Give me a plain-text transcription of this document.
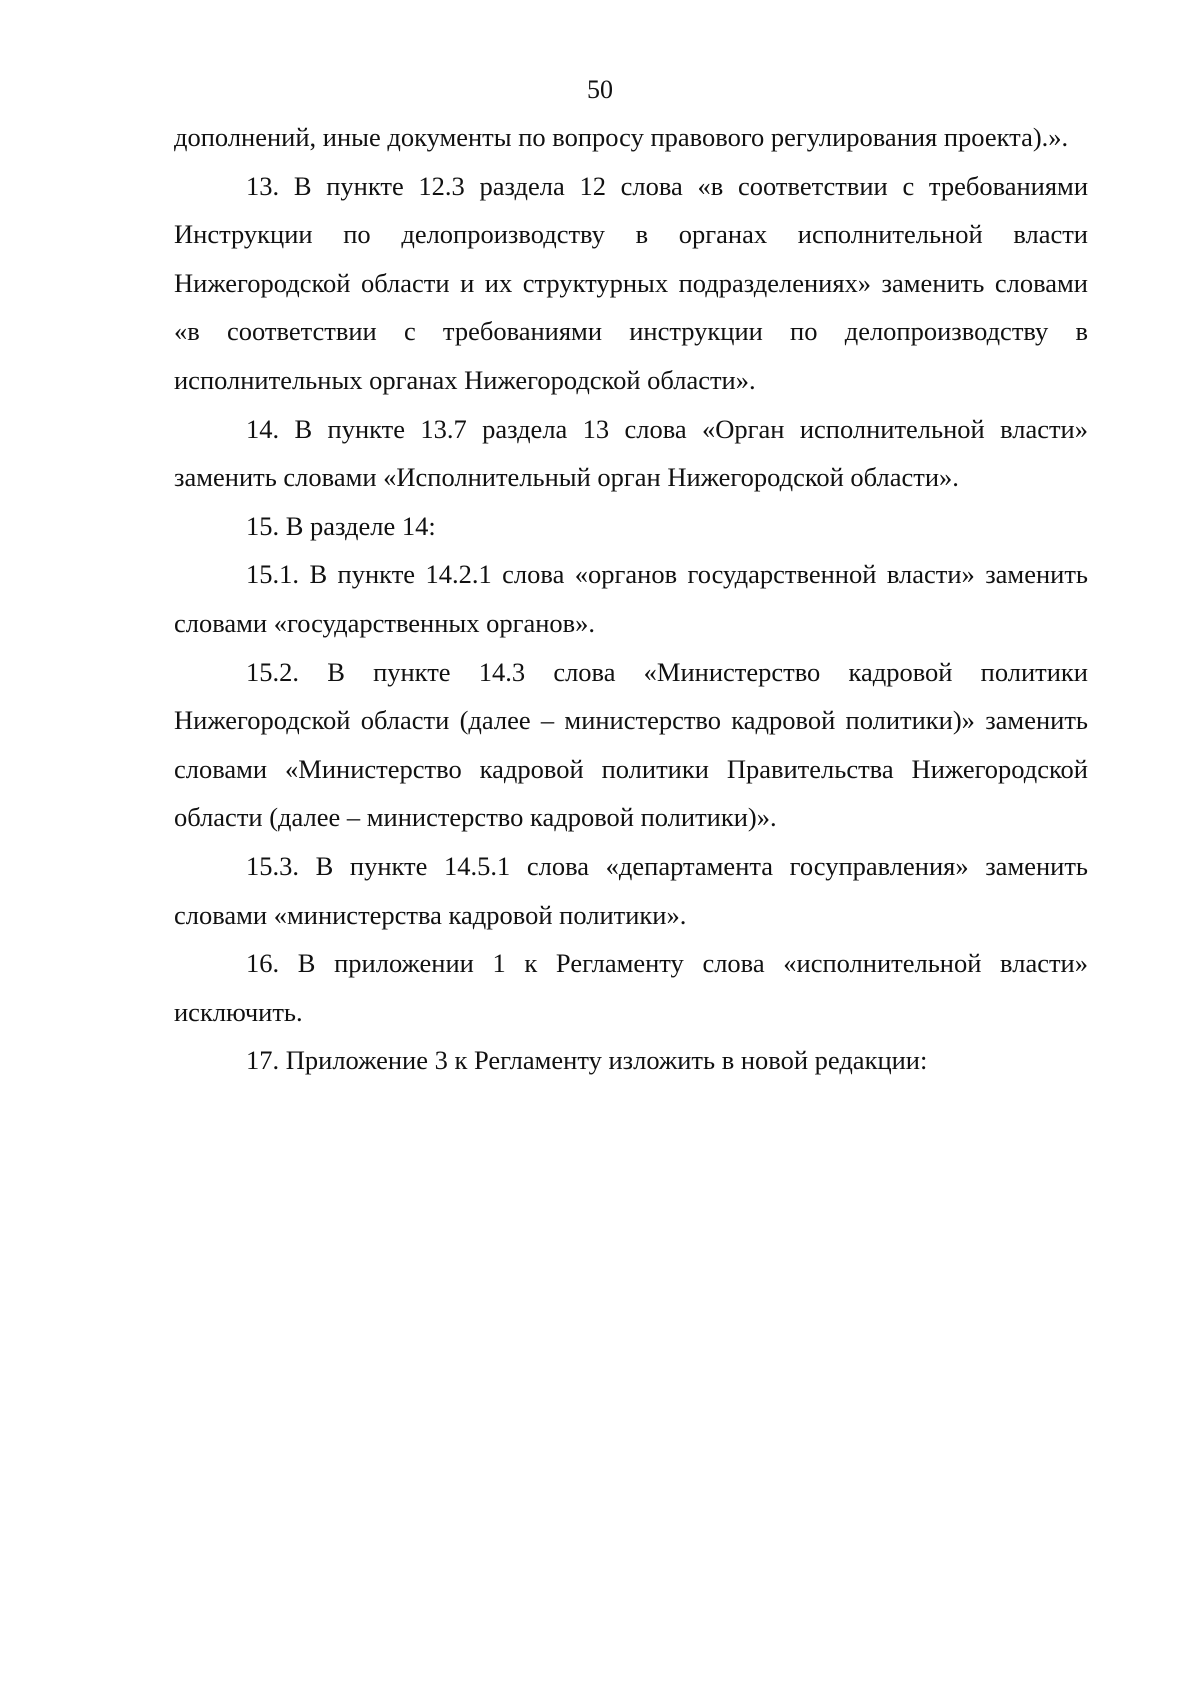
50

дополнений, иные документы по вопросу правового регулирования проекта).».

13. В пункте 12.3 раздела 12 слова «в соответствии с требованиями Инструкции по делопроизводству в органах исполнительной власти Нижегородской области и их структурных подразделениях» заменить словами «в соответствии с требованиями инструкции по делопроизводству в исполнительных органах Нижегородской области».

14. В пункте 13.7 раздела 13 слова «Орган исполнительной власти» заменить словами «Исполнительный орган Нижегородской области».

15. В разделе 14:

15.1. В пункте 14.2.1 слова «органов государственной власти» заменить словами «государственных органов».

15.2. В пункте 14.3 слова «Министерство кадровой политики Нижегородской области (далее – министерство кадровой политики)» заменить словами «Министерство кадровой политики Правительства Нижегородской области (далее – министерство кадровой политики)».

15.3. В пункте 14.5.1 слова «департамента госуправления» заменить словами «министерства кадровой политики».

16. В приложении 1 к Регламенту слова «исполнительной власти» исключить.

17. Приложение 3 к Регламенту изложить в новой редакции:
